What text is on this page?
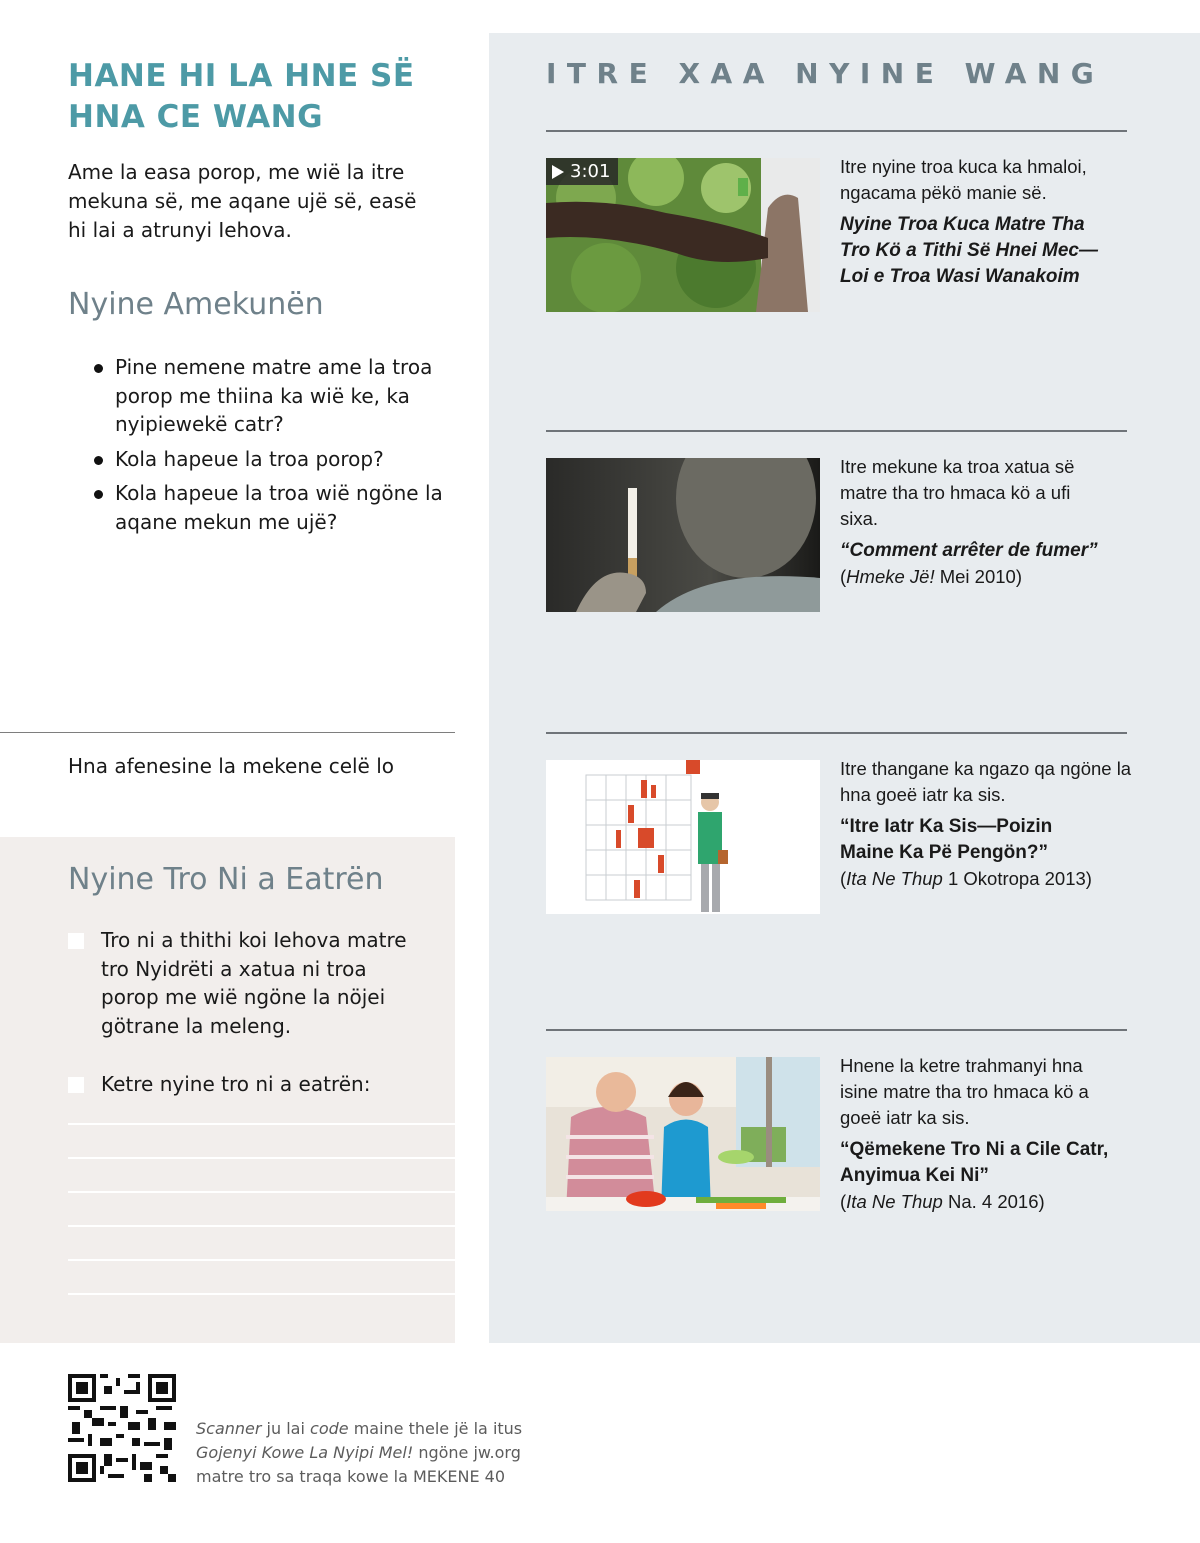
HANE HI LA HNE SË HNA CE WANG

Ame la easa porop, me wië la itre mekuna së, me aqane ujë së, easë hi lai a atrunyi Iehova.

Nyine Amekunën
Pine nemene matre ame la troa porop me thiina ka wië ke, ka nyipiewekë catr?
Kola hapeue la troa porop?
Kola hapeue la troa wië ngöne la aqane mekun me ujë?

Hna afenesine la mekene celë lo

Nyine Tro Ni a Eatrën
Tro ni a thithi koi Iehova matre tro Nyidrëti a xatua ni troa porop me wië ngöne la nöjei götrane la meleng.
Ketre nyine tro ni a eatrën:
ITRE XAA NYINE WANG
3:01	Itre nyine troa kuca ka hmaloi, ngacama pëkö manie së.

Nyine Troa Kuca Matre Tha Tro Kö a Tithi Së Hnei Mec—Loi e Troa Wasi Wanakoim

Itre mekune ka troa xatua së matre tha tro hmaca kö a ufi sixa.

“Comment arrêter de fumer”

(Hmeke Jë! Mei 2010)

Itre thangane ka ngazo qa ngöne la hna goeë iatr ka sis.

“Itre Iatr Ka Sis—Poizin Maine Ka Pë Pengön?”

(Ita Ne Thup 1 Okotropa 2013)

Hnene la ketre trahmanyi hna isine matre tha tro hmaca kö a goeë iatr ka sis.

“Qëmekene Tro Ni a Cile Catr, Anyimua Kei Ni”

(Ita Ne Thup Na. 4 2016)

Scanner ju lai code maine thele jë la itus
Gojenyi Kowe La Nyipi Mel! ngöne jw.org
matre tro sa traqa kowe la MEKENE 40
